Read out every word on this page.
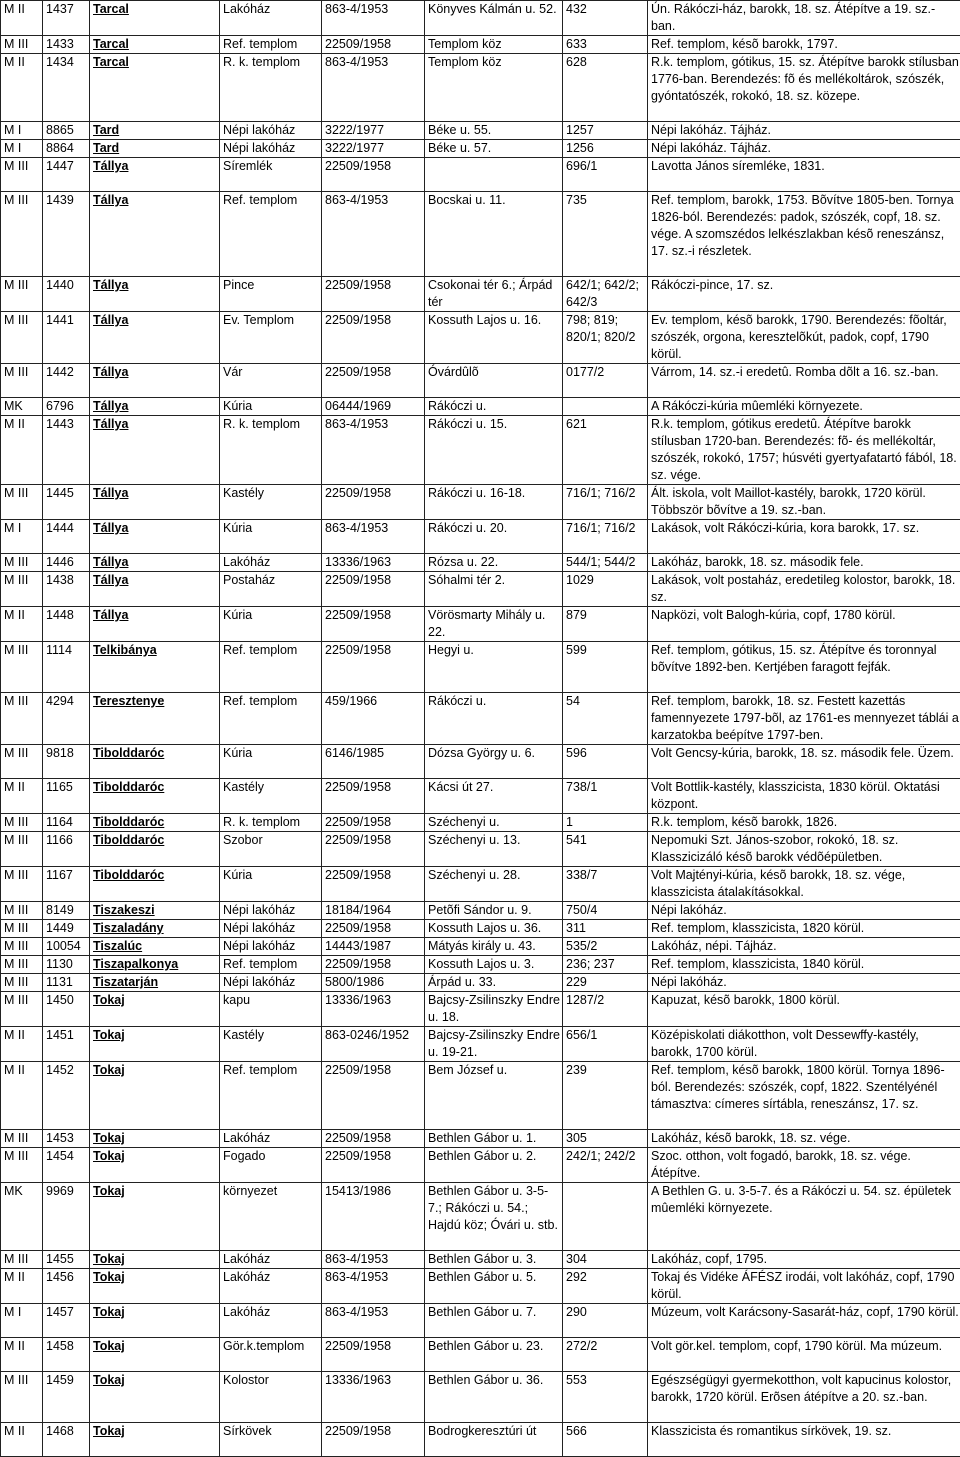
M II	1437	Tarcal	Lakóház	863-4/1953	Könyves Kálmán u. 52.	432	Ún. Rákóczi-ház, barokk, 18. sz. Átépítve a 19. sz.-ban.
M III	1433	Tarcal	Ref. templom	22509/1958	Templom köz	633	Ref. templom, késõ barokk, 1797.
M II	1434	Tarcal	R. k. templom	863-4/1953	Templom köz	628	R.k. templom, gótikus, 15. sz. Átépítve barokk stílusban 1776-ban. Berendezés: fõ és mellékoltárok, szószék, gyóntatószék, rokokó, 18. sz. közepe.
M I	8865	Tard	Népi lakóház	3222/1977	Béke u. 55.	1257	Népi lakóház. Tájház.
M I	8864	Tard	Népi lakóház	3222/1977	Béke u. 57.	1256	Népi lakóház. Tájház.
M III	1447	Tállya	Síremlék	22509/1958		696/1	Lavotta János síremléke, 1831.
M III	1439	Tállya	Ref. templom	863-4/1953	Bocskai u. 11.	735	Ref. templom, barokk, 1753. Bõvítve 1805-ben. Tornya 1826-ból. Berendezés: padok, szószék, copf, 18. sz. vége. A szomszédos lelkészlakban késõ reneszánsz, 17. sz.-i részletek.
M III	1440	Tállya	Pince	22509/1958	Csokonai tér 6.; Árpád tér	642/1; 642/2; 642/3	Rákóczi-pince, 17. sz.
M III	1441	Tállya	Ev. Templom	22509/1958	Kossuth Lajos u. 16.	798; 819; 820/1; 820/2	Ev. templom, késõ barokk, 1790. Berendezés: fõoltár, szószék, orgona, keresztelõkút, padok, copf, 1790 körül.
M III	1442	Tállya	Vár	22509/1958	Óvárdûlõ	0177/2	Várrom, 14. sz.-i eredetû. Romba dõlt a 16. sz.-ban.
MK	6796	Tállya	Kúria	06444/1969	Rákóczi u.		A Rákóczi-kúria mûemléki környezete.
M II	1443	Tállya	R. k. templom	863-4/1953	Rákóczi u. 15.	621	R.k. templom, gótikus eredetû. Átépítve barokk stílusban 1720-ban. Berendezés: fõ- és mellékoltár, szószék, rokokó, 1757; húsvéti gyertyafatartó fából, 18. sz. vége.
M III	1445	Tállya	Kastély	22509/1958	Rákóczi u. 16-18.	716/1; 716/2	Ált. iskola, volt Maillot-kastély, barokk, 1720 körül. Többször bõvítve a 19. sz.-ban.
M I	1444	Tállya	Kúria	863-4/1953	Rákóczi u. 20.	716/1; 716/2	Lakások, volt Rákóczi-kúria, kora barokk, 17. sz.
M III	1446	Tállya	Lakóház	13336/1963	Rózsa u. 22.	544/1; 544/2	Lakóház, barokk, 18. sz. második fele.
M III	1438	Tállya	Postaház	22509/1958	Sóhalmi tér 2.	1029	Lakások, volt postaház, eredetileg kolostor, barokk, 18. sz.
M II	1448	Tállya	Kúria	22509/1958	Vörösmarty Mihály u. 22.	879	Napközi, volt Balogh-kúria, copf, 1780 körül.
M III	1114	Telkibánya	Ref. templom	22509/1958	Hegyi u.	599	Ref. templom, gótikus, 15. sz. Átépítve és toronnyal bõvítve 1892-ben. Kertjében faragott fejfák.
M III	4294	Teresztenye	Ref. templom	459/1966	Rákóczi u.	54	Ref. templom, barokk, 18. sz. Festett kazettás famennyezete 1797-bõl, az 1761-es mennyezet táblái a karzatokba beépítve 1797-ben.
M III	9818	Tibolddaróc	Kúria	6146/1985	Dózsa György u. 6.	596	Volt Gencsy-kúria, barokk, 18. sz. második fele. Üzem.
M II	1165	Tibolddaróc	Kastély	22509/1958	Kácsi út 27.	738/1	Volt Bottlik-kastély, klasszicista, 1830 körül. Oktatási központ.
M III	1164	Tibolddaróc	R. k. templom	22509/1958	Széchenyi u.	1	R.k. templom, késõ barokk, 1826.
M III	1166	Tibolddaróc	Szobor	22509/1958	Széchenyi u. 13.	541	Nepomuki Szt. János-szobor, rokokó, 18. sz. Klasszicizáló késõ barokk védõépületben.
M III	1167	Tibolddaróc	Kúria	22509/1958	Széchenyi u. 28.	338/7	Volt Majtényi-kúria, késõ barokk, 18. sz. vége, klasszicista átalakításokkal.
M III	8149	Tiszakeszi	Népi lakóház	18184/1964	Petõfi Sándor u. 9.	750/4	Népi lakóház.
M III	1449	Tiszaladány	Népi lakóház	22509/1958	Kossuth Lajos u. 36.	311	Ref. templom, klasszicista, 1820 körül.
M III	10054	Tiszalúc	Népi lakóház	14443/1987	Mátyás király u. 43.	535/2	Lakóház, népi. Tájház.
M III	1130	Tiszapalkonya	Ref. templom	22509/1958	Kossuth Lajos u. 3.	236; 237	Ref. templom, klasszicista, 1840 körül.
M III	1131	Tiszatarján	Népi lakóház	5800/1986	Árpád u. 33.	229	Népi lakóház.
M III	1450	Tokaj	kapu	13336/1963	Bajcsy-Zsilinszky Endre u. 18.	1287/2	Kapuzat, késõ barokk, 1800 körül.
M II	1451	Tokaj	Kastély	863-0246/1952	Bajcsy-Zsilinszky Endre u. 19-21.	656/1	Középiskolati diákotthon, volt Dessewffy-kastély, barokk, 1700 körül.
M II	1452	Tokaj	Ref. templom	22509/1958	Bem József u.	239	Ref. templom, késõ barokk, 1800 körül. Tornya 1896-ból. Berendezés: szószék, copf, 1822. Szentélyénél támasztva: címeres sírtábla, reneszánsz, 17. sz.
M III	1453	Tokaj	Lakóház	22509/1958	Bethlen Gábor u. 1.	305	Lakóház, késõ barokk, 18. sz. vége.
M III	1454	Tokaj	Fogado	22509/1958	Bethlen Gábor u. 2.	242/1; 242/2	Szoc. otthon, volt fogadó, barokk, 18. sz. vége. Átépítve.
MK	9969	Tokaj	környezet	15413/1986	Bethlen Gábor u. 3-5-7.; Rákóczi u. 54.; Hajdú köz; Óvári u. stb.		A Bethlen G. u. 3-5-7. és a Rákóczi u. 54. sz. épületek mûemléki környezete.
M III	1455	Tokaj	Lakóház	863-4/1953	Bethlen Gábor u. 3.	304	Lakóház, copf, 1795.
M II	1456	Tokaj	Lakóház	863-4/1953	Bethlen Gábor u. 5.	292	Tokaj és Vidéke ÁFÉSZ irodái, volt lakóház, copf, 1790 körül.
M I	1457	Tokaj	Lakóház	863-4/1953	Bethlen Gábor u. 7.	290	Múzeum, volt Karácsony-Sasarát-ház, copf, 1790 körül.
M II	1458	Tokaj	Gör.k.templom	22509/1958	Bethlen Gábor u. 23.	272/2	Volt gör.kel. templom, copf, 1790 körül. Ma múzeum.
M III	1459	Tokaj	Kolostor	13336/1963	Bethlen Gábor u. 36.	553	Egészségügyi gyermekotthon, volt kapucinus kolostor, barokk, 1720 körül. Erõsen átépítve a 20. sz.-ban.
M II	1468	Tokaj	Sírkövek	22509/1958	Bodrogkeresztúri út	566	Klasszicista és romantikus sírkövek, 19. sz.
